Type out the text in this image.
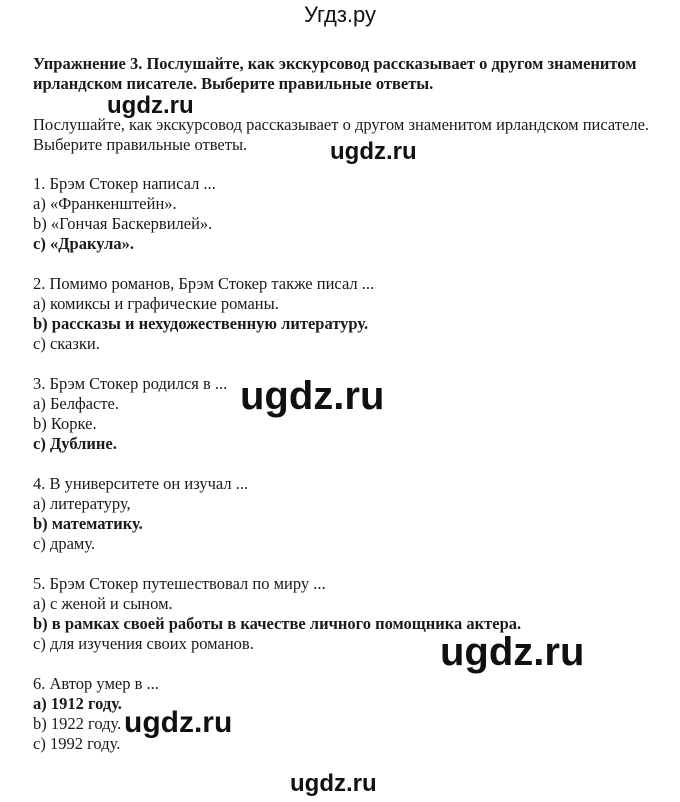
Угдз.ру
Упражнение 3. Послушайте, как экскурсовод рассказывает о другом знаменитом ирландском писателе. Выберите правильные ответы.
Послушайте, как экскурсовод рассказывает о другом знаменитом ирландском писателе. Выберите правильные ответы.
1. Брэм Стокер написал ...
a) «Франкенштейн».
b) «Гончая Баскервилей».
c) «Дракула».
2. Помимо романов, Брэм Стокер также писал ...
a) комиксы и графические романы.
b) рассказы и нехудожественную литературу.
c) сказки.
3. Брэм Стокер родился в ...
a) Белфасте.
b) Корке.
c) Дублине.
4. В университете он изучал ...
a) литературу,
b) математику.
c) драму.
5. Брэм Стокер путешествовал по миру ...
a) с женой и сыном.
b) в рамках своей работы в качестве личного помощника актера.
c) для изучения своих романов.
6. Автор умер в ...
a) 1912 году.
b) 1922 году.
c) 1992 году.
ugdz.ru
ugdz.ru
ugdz.ru
ugdz.ru
ugdz.ru
ugdz.ru
